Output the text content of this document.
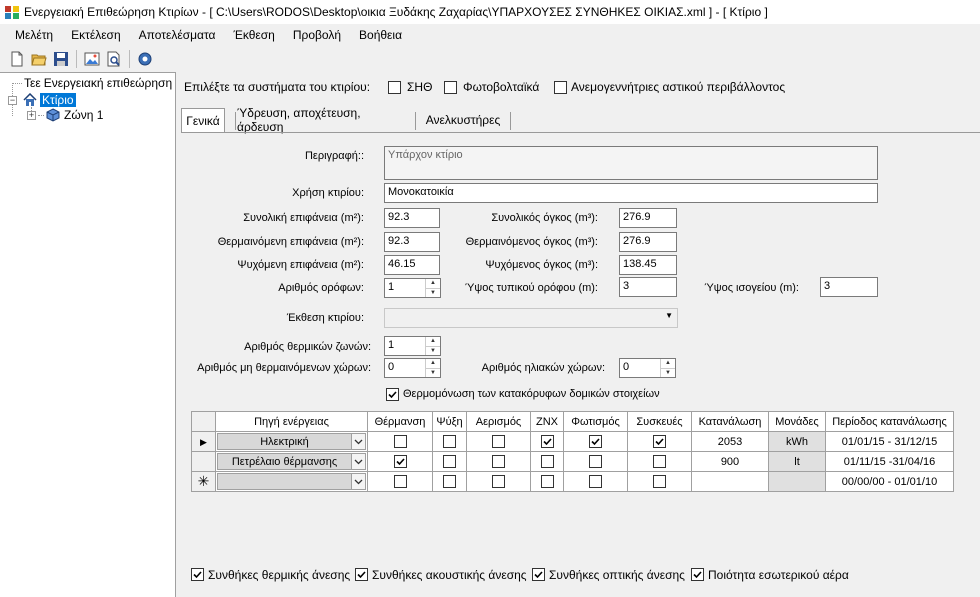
Ενεργειακή Επιθεώρηση Κτιρίων - [ C:\Users\RODOS\Desktop\οικια Ξυδάκης Ζαχαρίας\ΥΠΑΡΧΟΥΣΕΣ ΣΥΝΘΗΚΕΣ ΟΙΚΙΑΣ.xml ] - [ Κτίριο ]
Μελέτη	Εκτέλεση	Αποτελέσματα	Έκθεση	Προβολή	Βοήθεια
Τεε Ενεργειακή επιθεώρηση
− Κτίριο
+ Ζώνη 1
Επιλέξτε τα συστήματα του κτιρίου:	ΣΗΘ	Φωτοβολταϊκά	Ανεμογεννήτριες αστικού περιβάλλοντος
Γενικά
Ύδρευση, αποχέτευση, άρδευση	Ανελκυστήρες
Περιγραφή::	Υπάρχον κτίριο
Χρήση κτιρίου:	Μονοκατοικία
Συνολική επιφάνεια (m²):	92.3	Συνολικός όγκος (m³):	276.9
Θερμαινόμενη επιφάνεια (m²):	92.3	Θερμαινόμενος όγκος (m³):	276.9
Ψυχόμενη επιφάνεια (m²):	46.15	Ψυχόμενος όγκος (m³):	138.45
Αριθμός ορόφων:	1	▲
▼	Ύψος τυπικού ορόφου (m):	3	Ύψος ισογείου (m):	3
Έκθεση κτιρίου:	▼
Αριθμός θερμικών ζωνών:	1	▲
▼
Αριθμός μη θερμαινόμενων χώρων:	0	▲
▼	Αριθμός ηλιακών χώρων:	0	▲
▼
Θερμομόνωση των κατακόρυφων δομικών στοιχείων
	Πηγή ενέργειας	Θέρμανση	Ψύξη	Αερισμός	ΖΝΧ	Φωτισμός	Συσκευές	Κατανάλωση	Μονάδες	Περίοδος κατανάλωσης
▶	Ηλεκτρική							2053	kWh	01/01/15 - 31/12/15

	Πετρέλαιο θέρμανσης							900	lt	01/11/15 -31/04/16
✳										00/00/00 - 01/01/10
Συνθήκες θερμικής άνεσης Συνθήκες ακουστικής άνεσης Συνθήκες οπτικής άνεσης Ποιότητα εσωτερικού αέρα
